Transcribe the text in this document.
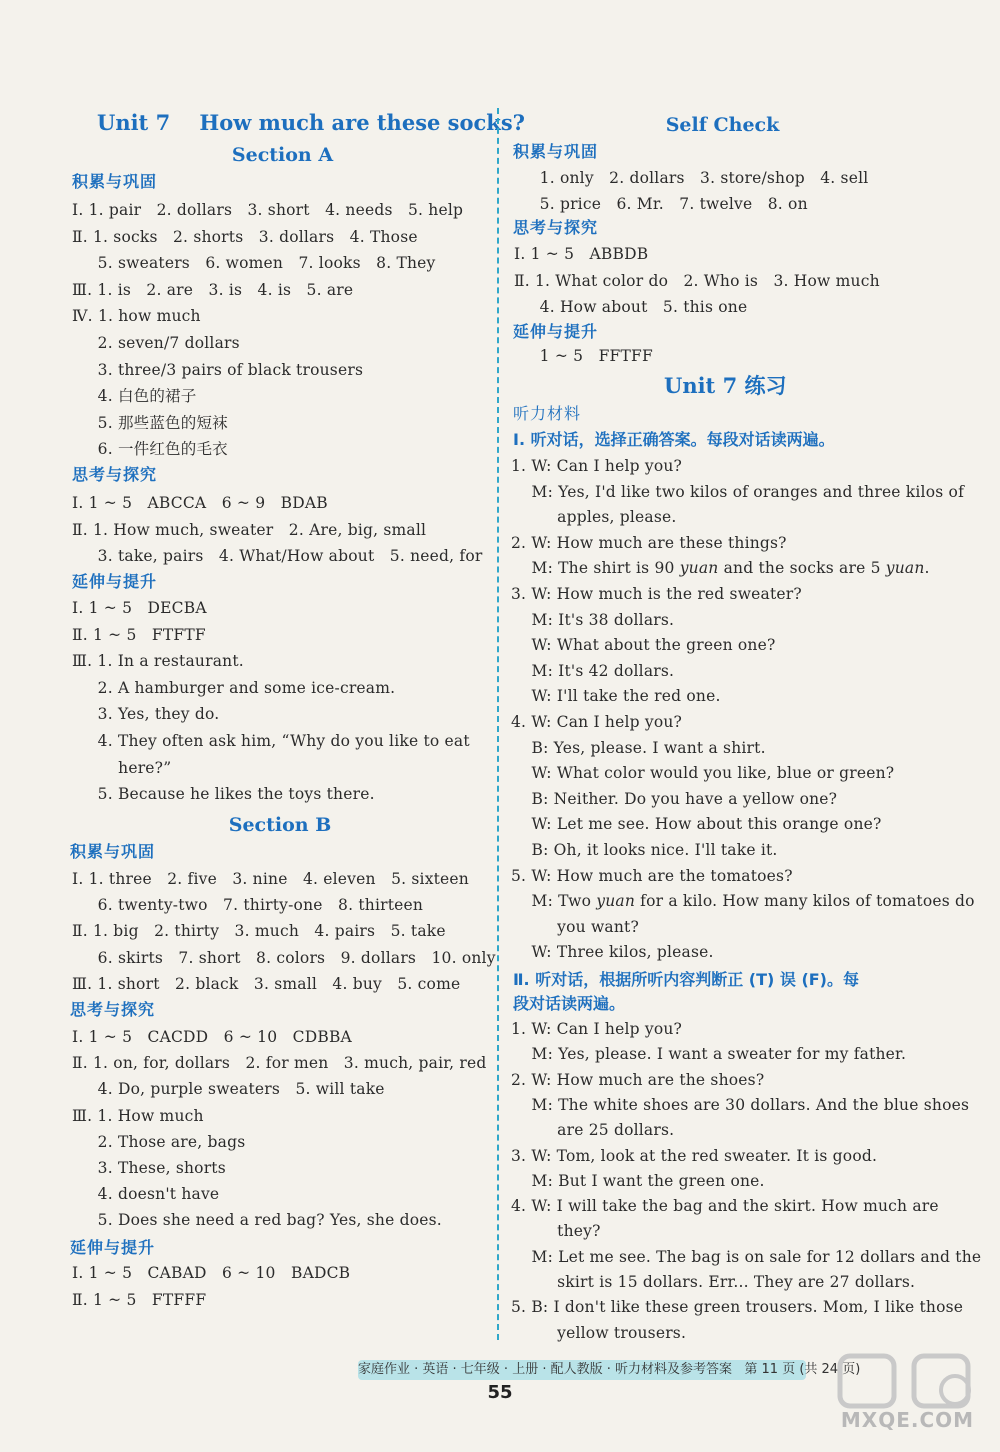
Unit 7    How much are these socks?
Section A
积累与巩固
Ⅰ. 1. pair   2. dollars   3. short   4. needs   5. help
Ⅱ. 1. socks   2. shorts   3. dollars   4. Those
5. sweaters   6. women   7. looks   8. They
Ⅲ. 1. is   2. are   3. is   4. is   5. are
Ⅳ. 1. how much
2. seven/7 dollars
3. three/3 pairs of black trousers
4. 白色的裙子
5. 那些蓝色的短袜
6. 一件红色的毛衣
思考与探究
Ⅰ. 1 ~ 5   ABCCA   6 ~ 9   BDAB
Ⅱ. 1. How much, sweater   2. Are, big, small
3. take, pairs   4. What/How about   5. need, for
延伸与提升
Ⅰ. 1 ~ 5   DECBA
Ⅱ. 1 ~ 5   FTFTF
Ⅲ. 1. In a restaurant.
2. A hamburger and some ice-cream.
3. Yes, they do.
4. They often ask him, “Why do you like to eat
here?”
5. Because he likes the toys there.
Section B
积累与巩固
Ⅰ. 1. three   2. five   3. nine   4. eleven   5. sixteen
6. twenty-two   7. thirty-one   8. thirteen
Ⅱ. 1. big   2. thirty   3. much   4. pairs   5. take
6. skirts   7. short   8. colors   9. dollars   10. only
Ⅲ. 1. short   2. black   3. small   4. buy   5. come
思考与探究
Ⅰ. 1 ~ 5   CACDD   6 ~ 10   CDBBA
Ⅱ. 1. on, for, dollars   2. for men   3. much, pair, red
4. Do, purple sweaters   5. will take
Ⅲ. 1. How much
2. Those are, bags
3. These, shorts
4. doesn't have
5. Does she need a red bag? Yes, she does.
延伸与提升
Ⅰ. 1 ~ 5   CABAD   6 ~ 10   BADCB
Ⅱ. 1 ~ 5   FTFFF
Self Check
积累与巩固
1. only   2. dollars   3. store/shop   4. sell
5. price   6. Mr.   7. twelve   8. on
思考与探究
Ⅰ. 1 ~ 5   ABBDB
Ⅱ. 1. What color do   2. Who is   3. How much
4. How about   5. this one
延伸与提升
1 ~ 5   FFTFF
Unit 7 练习
听力材料
Ⅰ. 听对话，选择正确答案。每段对话读两遍。
1. W: Can I help you?
M: Yes, I'd like two kilos of oranges and three kilos of
apples, please.
2. W: How much are these things?
M: The shirt is 90 yuan and the socks are 5 yuan.
3. W: How much is the red sweater?
M: It's 38 dollars.
W: What about the green one?
M: It's 42 dollars.
W: I'll take the red one.
4. W: Can I help you?
B: Yes, please. I want a shirt.
W: What color would you like, blue or green?
B: Neither. Do you have a yellow one?
W: Let me see. How about this orange one?
B: Oh, it looks nice. I'll take it.
5. W: How much are the tomatoes?
M: Two yuan for a kilo. How many kilos of tomatoes do
you want?
W: Three kilos, please.
Ⅱ. 听对话，根据所听内容判断正 (T) 误 (F)。每
段对话读两遍。
1. W: Can I help you?
M: Yes, please. I want a sweater for my father.
2. W: How much are the shoes?
M: The white shoes are 30 dollars. And the blue shoes
are 25 dollars.
3. W: Tom, look at the red sweater. It is good.
M: But I want the green one.
4. W: I will take the bag and the skirt. How much are
they?
M: Let me see. The bag is on sale for 12 dollars and the
skirt is 15 dollars. Err... They are 27 dollars.
5. B: I don't like these green trousers. Mom, I like those
yellow trousers.
家庭作业 · 英语 · 七年级 · 上册 · 配人教版 · 听力材料及参考答案   第 11 页 (共 24 页)
55
MXQE.COM
